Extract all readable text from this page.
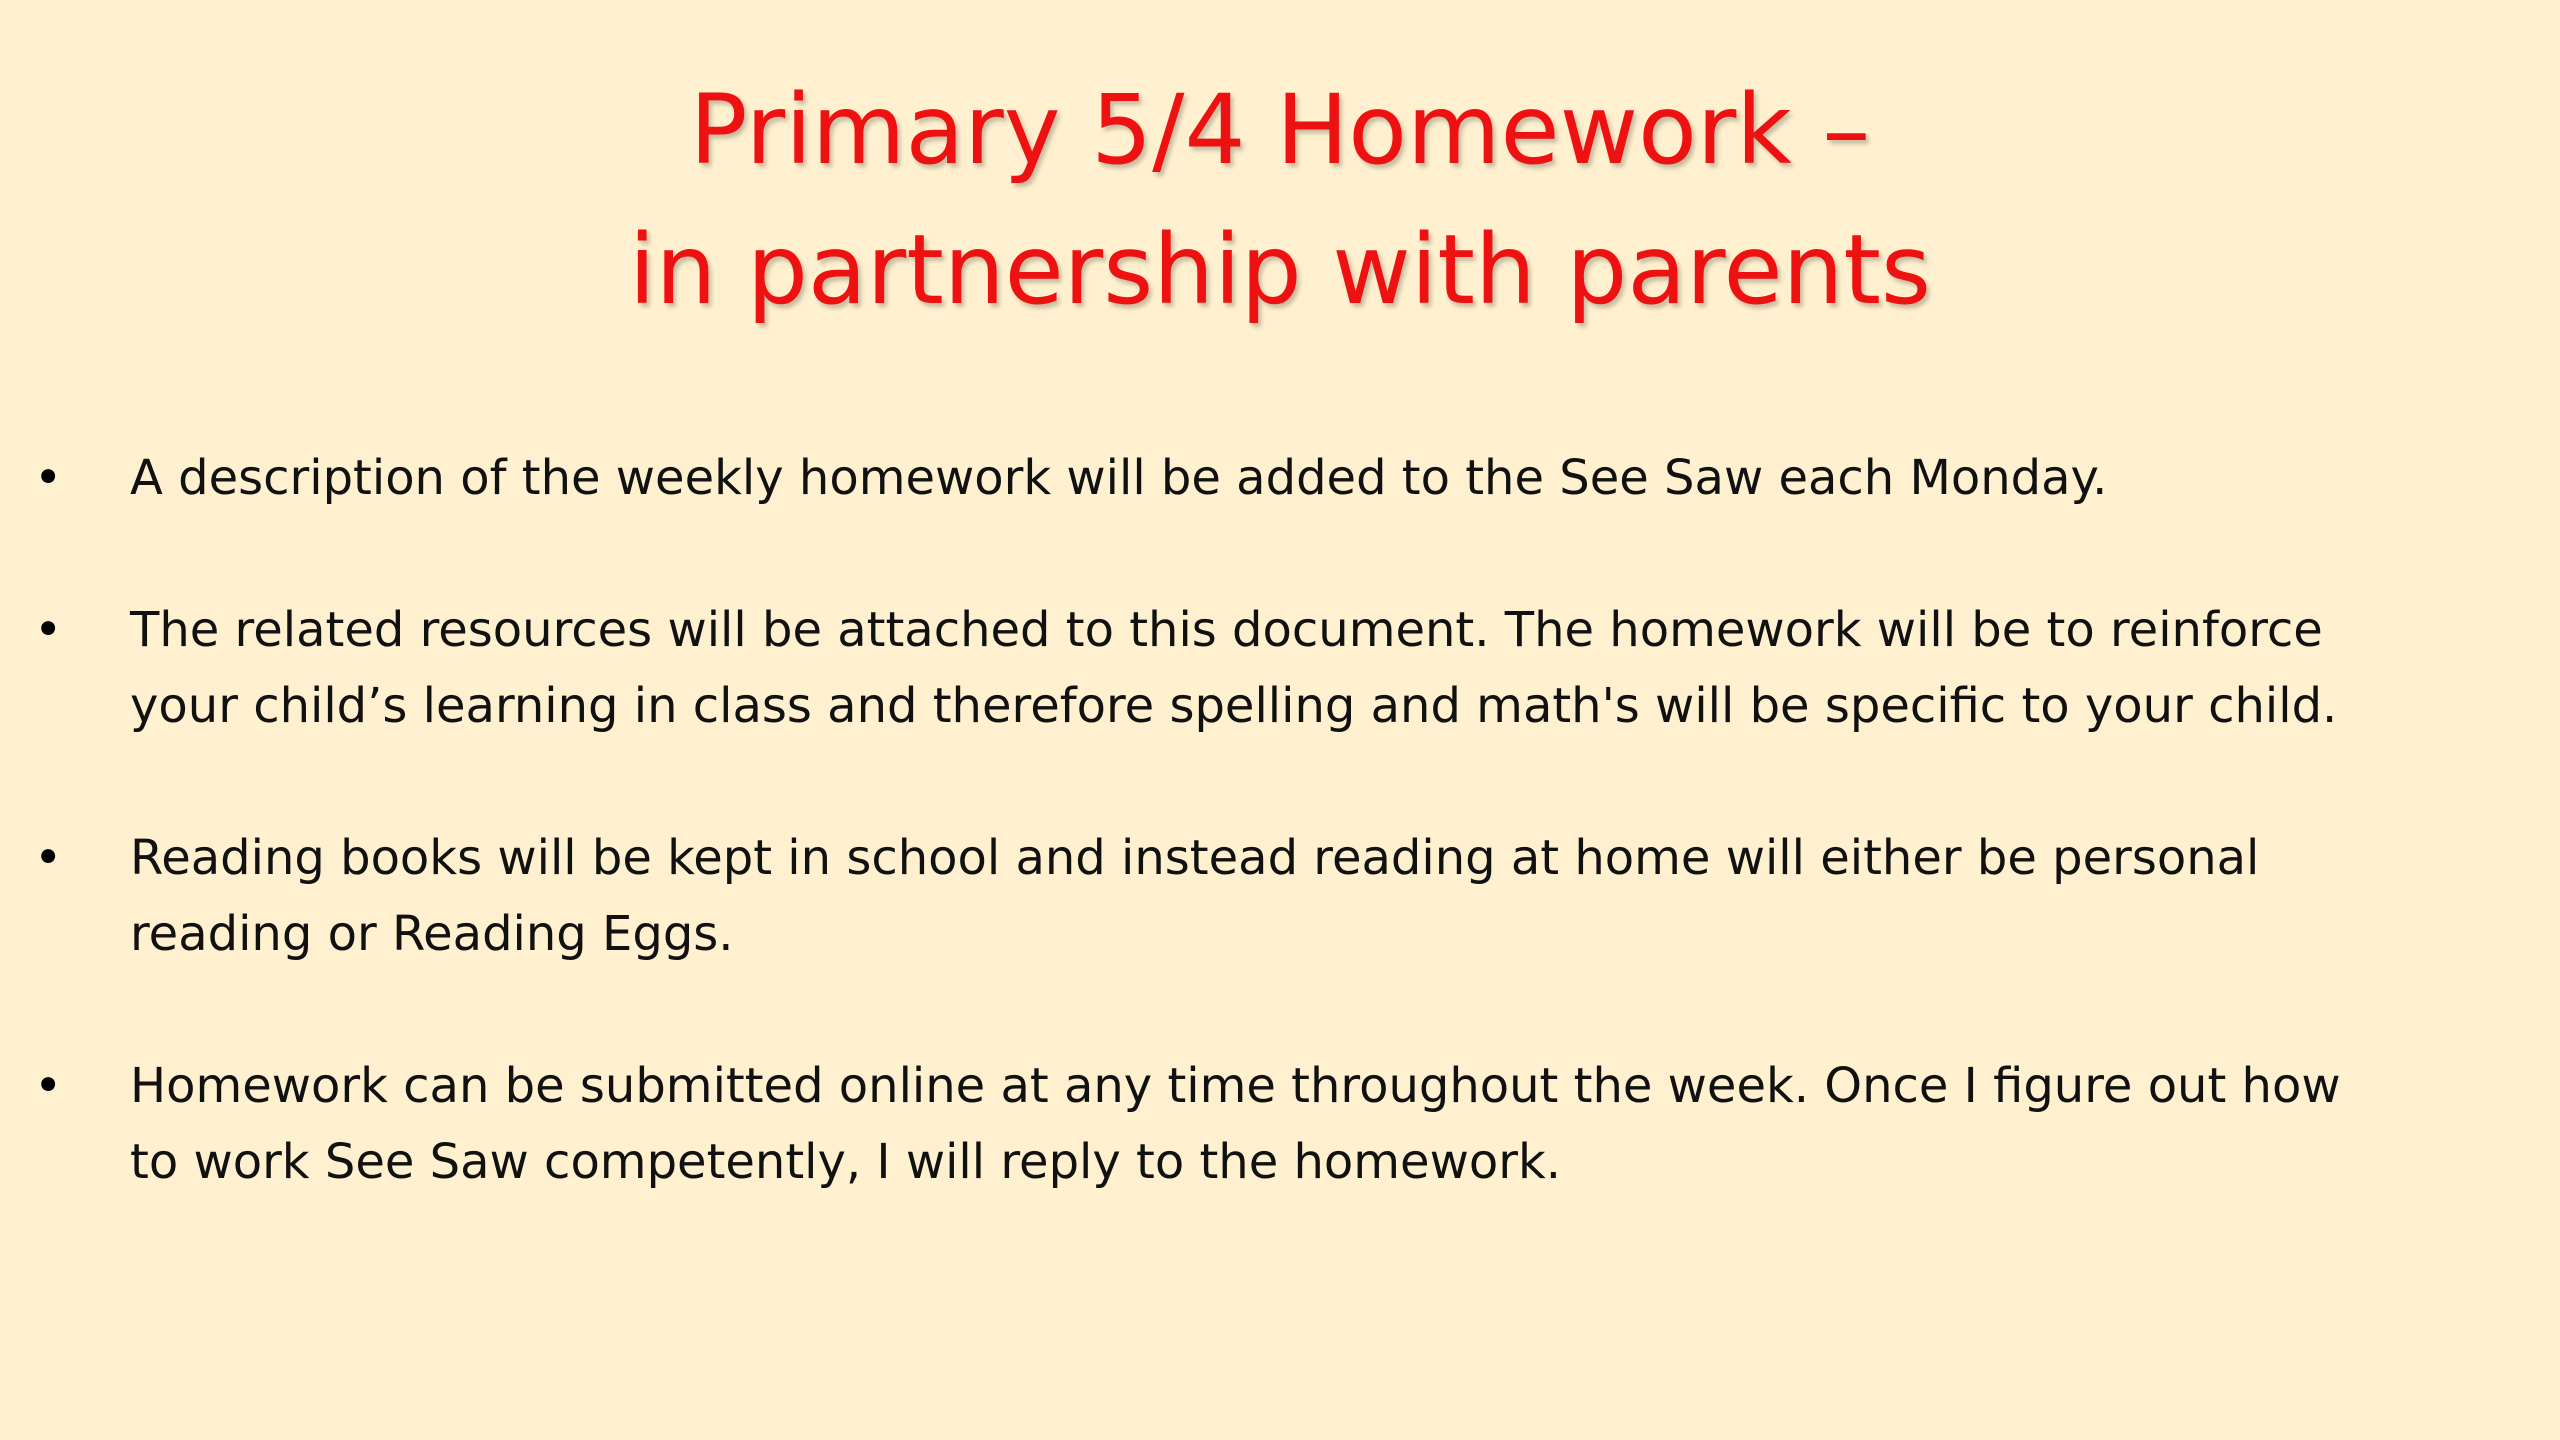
Primary 5/4 Homework –
in partnership with parents
• A description of the weekly homework will be added to the See Saw each Monday.
• The related resources will be attached to this document. The homework will be to reinforce
your child’s learning in class and therefore spelling and math's will be specific to your child.
• Reading books will be kept in school and instead reading at home will either be personal
reading or Reading Eggs.
• Homework can be submitted online at any time throughout the week. Once I figure out how
to work See Saw competently, I will reply to the homework.
